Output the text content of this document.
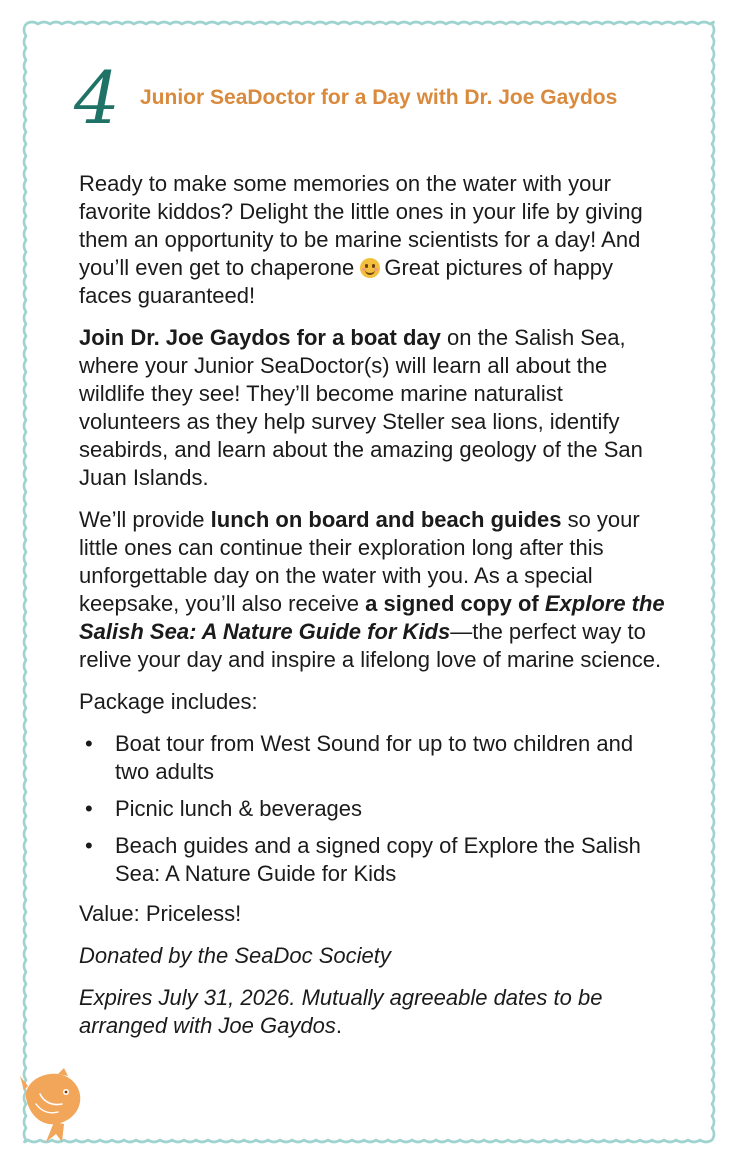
4 Junior SeaDoctor for a Day with Dr. Joe Gaydos

Ready to make some memories on the water with your favorite kiddos? Delight the little ones in your life by giving them an opportunity to be marine scientists for a day! And you’ll even get to chaperone Great pictures of happy faces guaranteed!

Join Dr. Joe Gaydos for a boat day on the Salish Sea, where your Junior SeaDoctor(s) will learn all about the wildlife they see! They’ll become marine naturalist volunteers as they help survey Steller sea lions, identify seabirds, and learn about the amazing geology of the San Juan Islands.

We’ll provide lunch on board and beach guides so your little ones can continue their exploration long after this unforgettable day on the water with you. As a special keepsake, you’ll also receive a signed copy of Explore the Salish Sea: A Nature Guide for Kids—the perfect way to relive your day and inspire a lifelong love of marine science.

Package includes:

• Boat tour from West Sound for up to two children and two adults
• Picnic lunch & beverages
• Beach guides and a signed copy of Explore the Salish Sea: A Nature Guide for Kids

Value: Priceless!

Donated by the SeaDoc Society

Expires July 31, 2026. Mutually agreeable dates to be arranged with Joe Gaydos.
